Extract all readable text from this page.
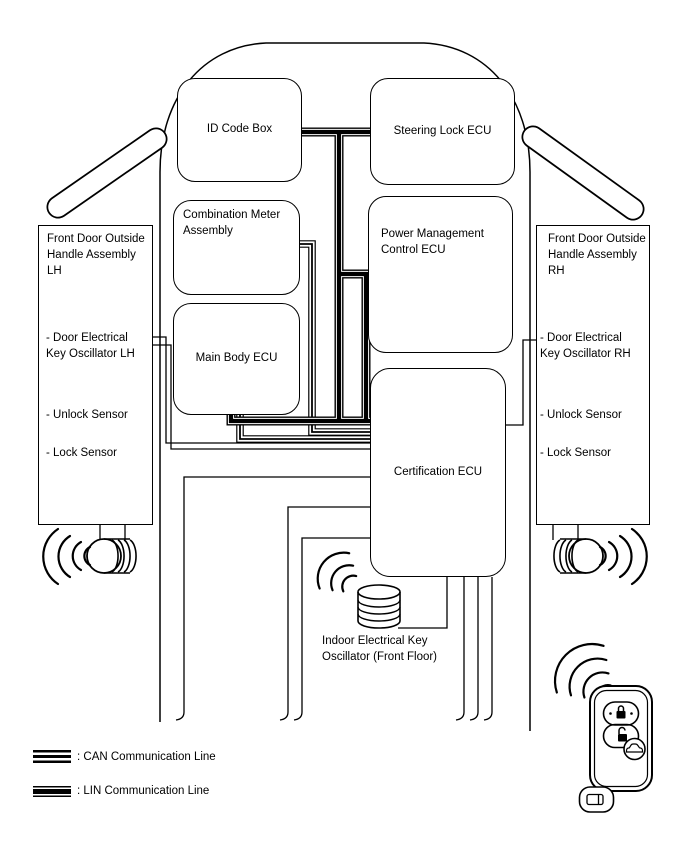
ID Code Box	Steering Lock ECU
Combination Meter Assembly	Power Management Control ECU
Main Body ECU
Certification ECU
Front Door Outside Handle Assembly LH
- Door Electrical Key Oscillator LH
- Unlock Sensor
- Lock Sensor
Front Door Outside Handle Assembly RH
- Door Electrical Key Oscillator RH
- Unlock Sensor
- Lock Sensor
Indoor Electrical Key Oscillator (Front Floor)
: CAN Communication Line
: LIN Communication Line
